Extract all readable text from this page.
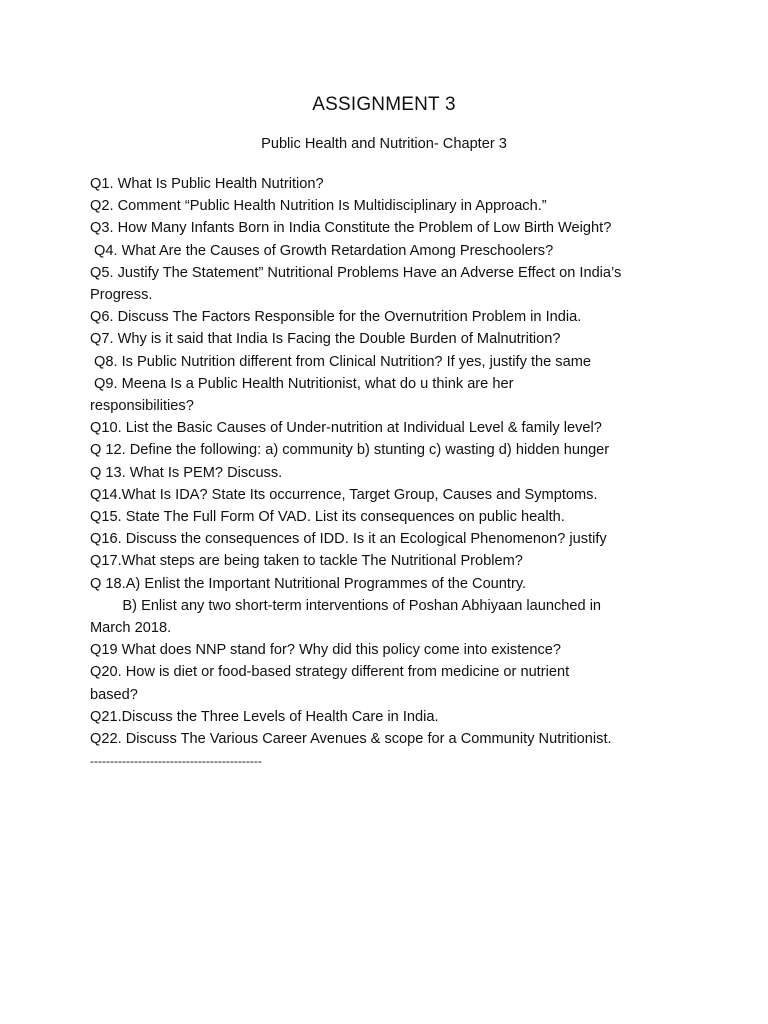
ASSIGNMENT 3

Public Health and Nutrition- Chapter 3

Q1. What Is Public Health Nutrition?

Q2. Comment “Public Health Nutrition Is Multidisciplinary in Approach.”

Q3. How Many Infants Born in India Constitute the Problem of Low Birth Weight?

Q4. What Are the Causes of Growth Retardation Among Preschoolers?

Q5. Justify The Statement” Nutritional Problems Have an Adverse Effect on India’s

Progress.

Q6. Discuss The Factors Responsible for the Overnutrition Problem in India.

Q7. Why is it said that India Is Facing the Double Burden of Malnutrition?

Q8. Is Public Nutrition different from Clinical Nutrition? If yes, justify the same

Q9. Meena Is a Public Health Nutritionist, what do u think are her

responsibilities?

Q10. List the Basic Causes of Under-nutrition at Individual Level & family level?

Q 12. Define the following: a) community b) stunting c) wasting d) hidden hunger

Q 13. What Is PEM? Discuss.

Q14.What Is IDA? State Its occurrence, Target Group, Causes and Symptoms.

Q15. State The Full Form Of VAD. List its consequences on public health.

Q16. Discuss the consequences of IDD. Is it an Ecological Phenomenon? justify

Q17.What steps are being taken to tackle The Nutritional Problem?

Q 18.A) Enlist the Important Nutritional Programmes of the Country.

B) Enlist any two short-term interventions of Poshan Abhiyaan launched in

March 2018.

Q19 What does NNP stand for? Why did this policy come into existence?

Q20. How is diet or food-based strategy different from medicine or nutrient

based?

Q21.Discuss the Three Levels of Health Care in India.

Q22. Discuss The Various Career Avenues & scope for a Community Nutritionist.

-------------------------------------------
